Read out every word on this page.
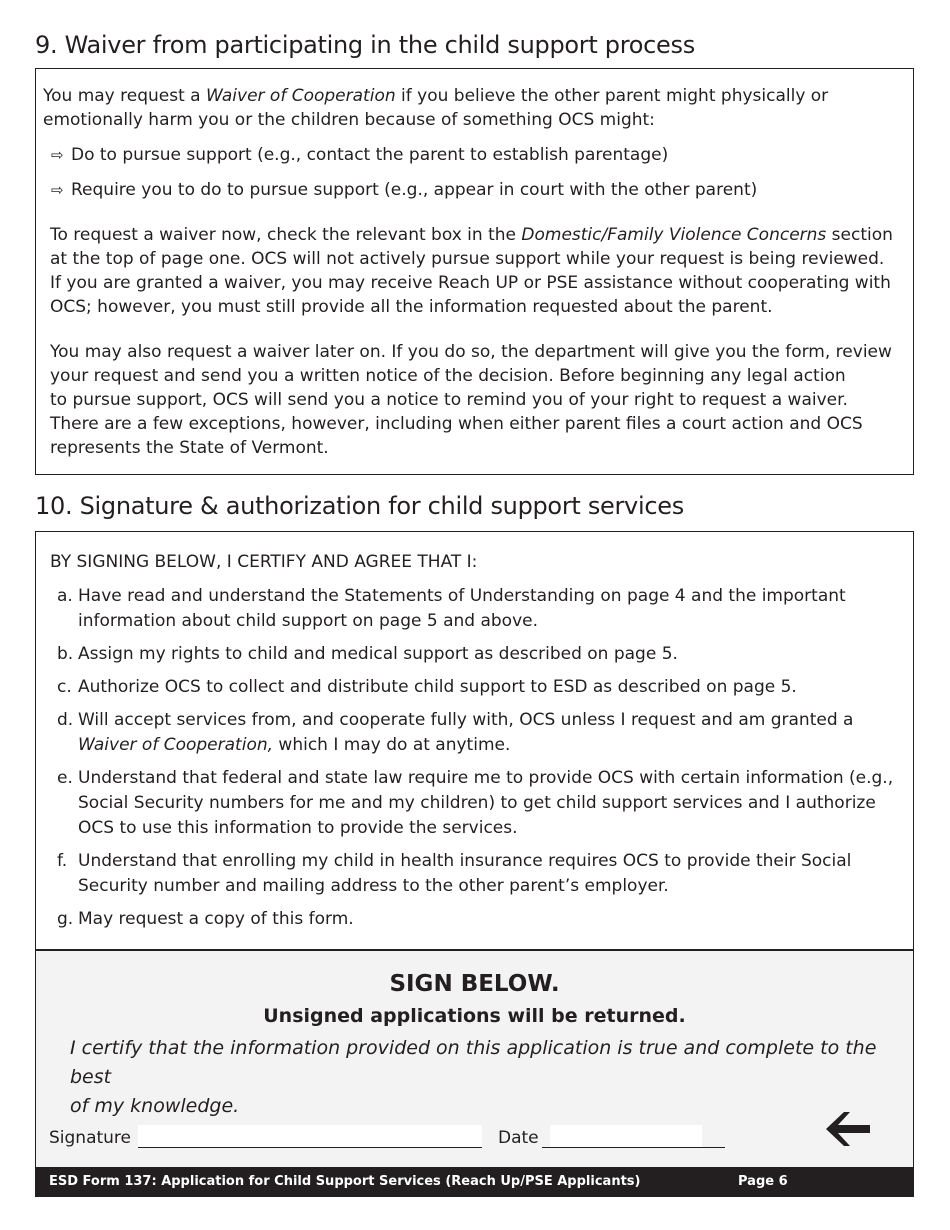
9. Waiver from participating in the child support process
You may request a Waiver of Cooperation if you believe the other parent might physically or
emotionally harm you or the children because of something OCS might:
⇨ Do to pursue support (e.g., contact the parent to establish parentage)
⇨ Require you to do to pursue support (e.g., appear in court with the other parent)
To request a waiver now, check the relevant box in the Domestic/Family Violence Concerns section
at the top of page one. OCS will not actively pursue support while your request is being reviewed.
If you are granted a waiver, you may receive Reach UP or PSE assistance without cooperating with
OCS; however, you must still provide all the information requested about the parent.
You may also request a waiver later on. If you do so, the department will give you the form, review
your request and send you a written notice of the decision. Before beginning any legal action
to pursue support, OCS will send you a notice to remind you of your right to request a waiver.
There are a few exceptions, however, including when either parent files a court action and OCS
represents the State of Vermont.
10. Signature & authorization for child support services
BY SIGNING BELOW, I CERTIFY AND AGREE THAT I:
a. Have read and understand the Statements of Understanding on page 4 and the important
information about child support on page 5 and above.
b. Assign my rights to child and medical support as described on page 5.
c. Authorize OCS to collect and distribute child support to ESD as described on page 5.
d. Will accept services from, and cooperate fully with, OCS unless I request and am granted a
Waiver of Cooperation, which I may do at anytime.
e. Understand that federal and state law require me to provide OCS with certain information (e.g.,
Social Security numbers for me and my children) to get child support services and I authorize
OCS to use this information to provide the services.
f. Understand that enrolling my child in health insurance requires OCS to provide their Social
Security number and mailing address to the other parent’s employer.
g. May request a copy of this form.
SIGN BELOW.
Unsigned applications will be returned.
I certify that the information provided on this application is true and complete to the best
of my knowledge.
Signature	Date
ESD Form 137: Application for Child Support Services (Reach Up/PSE Applicants)	Page 6
